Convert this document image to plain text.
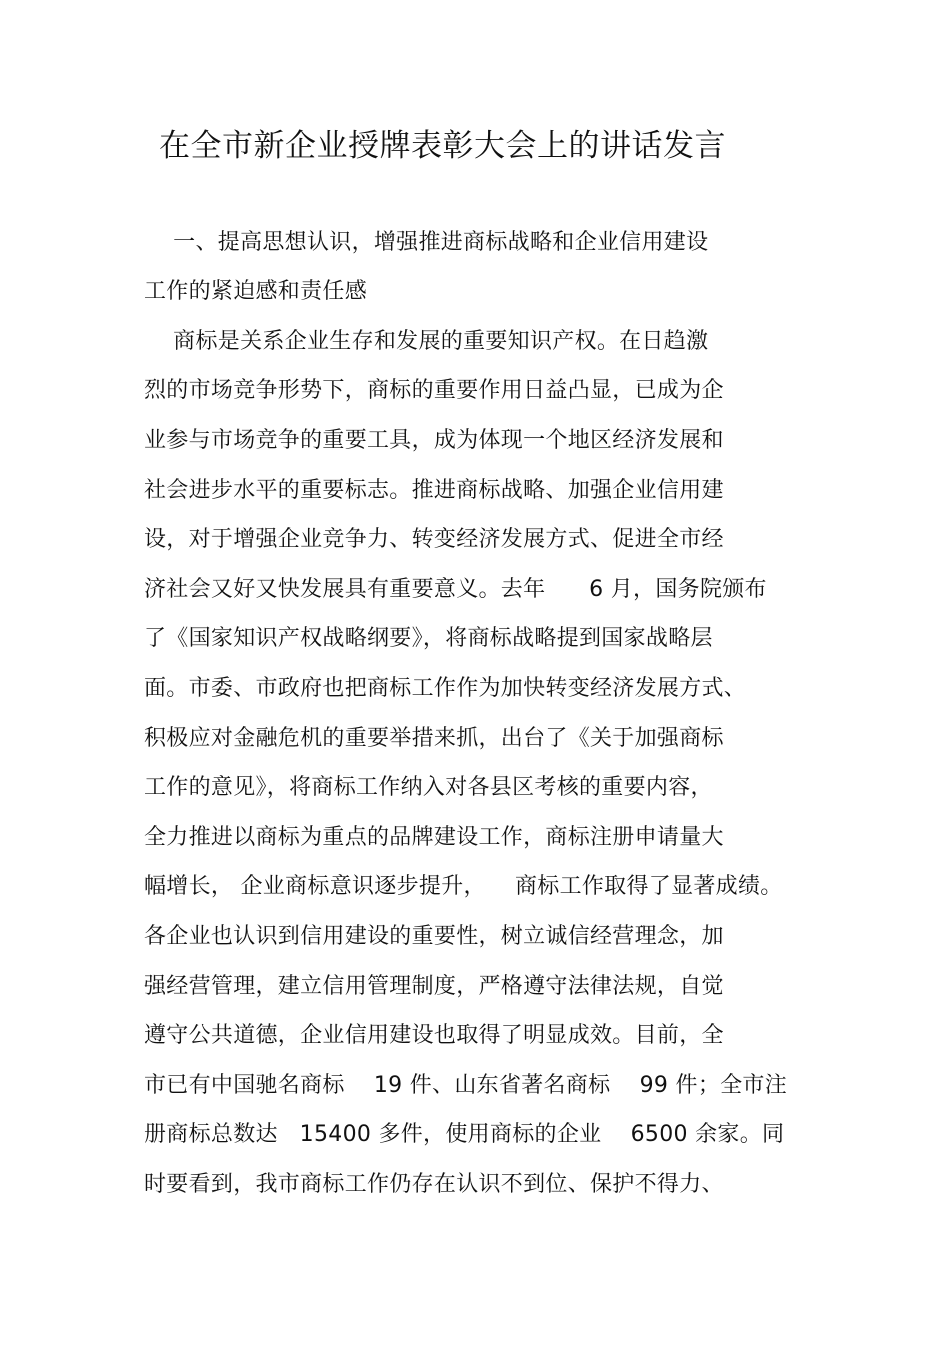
在全市新企业授牌表彰大会上的讲话发言
一、提高思想认识，增强推进商标战略和企业信用建设
工作的紧迫感和责任感
商标是关系企业生存和发展的重要知识产权。在日趋激
烈的市场竞争形势下，商标的重要作用日益凸显，已成为企
业参与市场竞争的重要工具，成为体现一个地区经济发展和
社会进步水平的重要标志。推进商标战略、加强企业信用建
设，对于增强企业竞争力、转变经济发展方式、促进全市经
济社会又好又快发展具有重要意义。去年      6 月，国务院颁布
了《国家知识产权战略纲要》，将商标战略提到国家战略层
面。市委、市政府也把商标工作作为加快转变经济发展方式、
积极应对金融危机的重要举措来抓，出台了《关于加强商标
工作的意见》，将商标工作纳入对各县区考核的重要内容，
全力推进以商标为重点的品牌建设工作，商标注册申请量大
幅增长， 企业商标意识逐步提升，    商标工作取得了显著成绩。
各企业也认识到信用建设的重要性，树立诚信经营理念，加
强经营管理，建立信用管理制度，严格遵守法律法规，自觉
遵守公共道德，企业信用建设也取得了明显成效。目前，全
市已有中国驰名商标    19 件、山东省著名商标    99 件；全市注
册商标总数达   15400 多件，使用商标的企业    6500 余家。同
时要看到，我市商标工作仍存在认识不到位、保护不得力、
